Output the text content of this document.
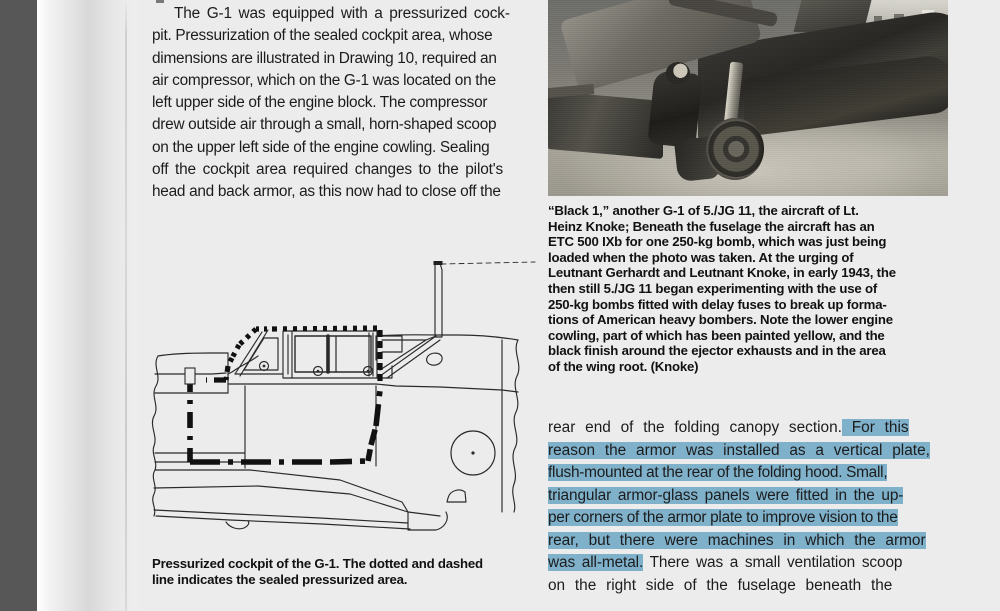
The G-1 was equipped with a pressurized cock-

pit. Pressurization of the sealed cockpit area, whose

dimensions are illustrated in Drawing 10, required an

air compressor, which on the G-1 was located on the

left upper side of the engine block. The compressor

drew outside air through a small, horn-shaped scoop

on the upper left side of the engine cowling. Sealing

off the cockpit area required changes to the pilot's

head and back armor, as this now had to close off the

“Black 1,” another G-1 of 5./JG 11, the aircraft of Lt.

Heinz Knoke; Beneath the fuselage the aircraft has an

ETC 500 IXb for one 250-kg bomb, which was just being

loaded when the photo was taken. At the urging of

Leutnant Gerhardt and Leutnant Knoke, in early 1943, the

then still 5./JG 11 began experimenting with the use of

250-kg bombs fitted with delay fuses to break up forma-

tions of American heavy bombers. Note the lower engine

cowling, part of which has been painted yellow, and the

black finish around the ejector exhausts and in the area

of the wing root. (Knoke)

rear end of the folding canopy section. For this
reason the armor was installed as a vertical plate,
flush-mounted at the rear of the folding hood. Small,
triangular armor-glass panels were fitted in the up-
per corners of the armor plate to improve vision to the
rear, but there were machines in which the armor
was all-metal. There was a small ventilation scoop
on the right side of the fuselage beneath the

Pressurized cockpit of the G-1. The dotted and dashed

line indicates the sealed pressurized area.
